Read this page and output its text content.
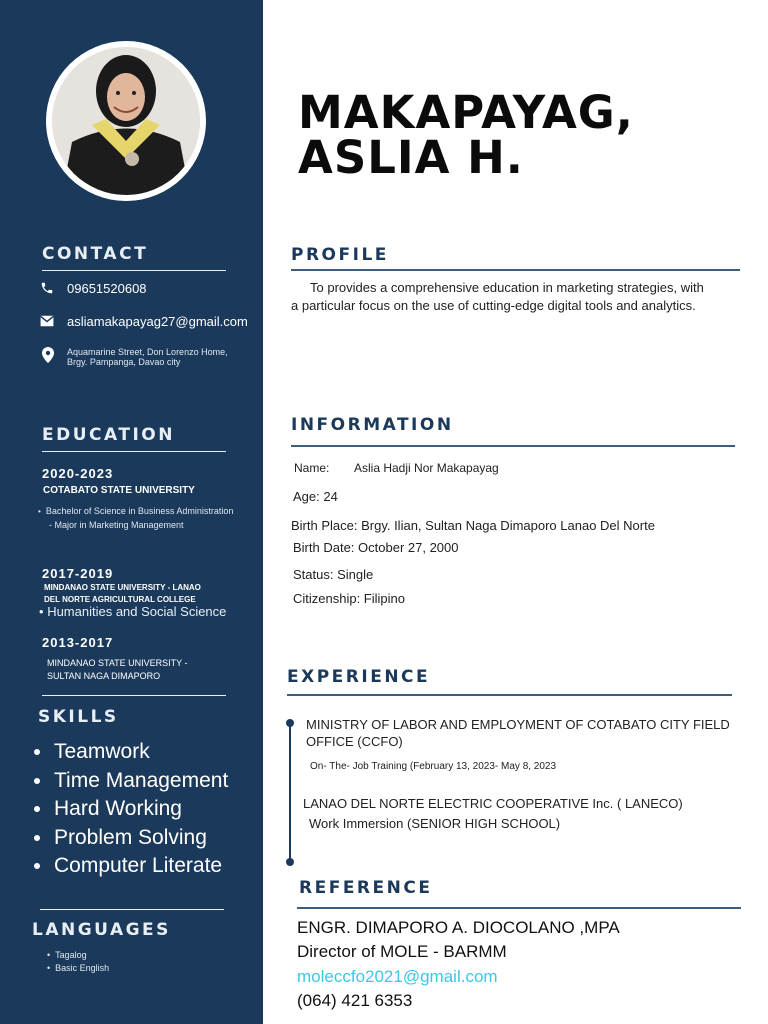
CONTACT
09651520608
asliamakapayag27@gmail.com
Aquamarine Street, Don Lorenzo Home,
Brgy. Pampanga, Davao city
EDUCATION
2020-2023
COTABATO STATE UNIVERSITY
• Bachelor of Science in Business Administration
- Major in Marketing Management
2017-2019
MINDANAO STATE UNIVERSITY - LANAO
DEL NORTE AGRICULTURAL COLLEGE
• Humanities and Social Science
2013-2017
MINDANAO STATE UNIVERSITY -
SULTAN NAGA DIMAPORO
SKILLS
Teamwork
Time Management
Hard Working
Problem Solving
Computer Literate
LANGUAGES
•  Tagalog
•  Basic English
MAKAPAYAG,
ASLIA H.
PROFILE
To provides a comprehensive education in marketing strategies, with
a particular focus on the use of cutting-edge digital tools and analytics.
INFORMATION
Name: Aslia Hadji Nor Makapayag
Age: 24
Birth Place: Brgy. Ilian, Sultan Naga Dimaporo Lanao Del Norte
Birth Date: October 27, 2000
Status: Single
Citizenship: Filipino
EXPERIENCE
MINISTRY OF LABOR AND EMPLOYMENT OF COTABATO CITY FIELD
OFFICE (CCFO)
On- The- Job Training (February 13, 2023- May 8, 2023
LANAO DEL NORTE ELECTRIC COOPERATIVE Inc. ( LANECO)
Work Immersion (SENIOR HIGH SCHOOL)
REFERENCE
ENGR. DIMAPORO A. DIOCOLANO ,MPA
Director of MOLE - BARMM
moleccfo2021@gmail.com
(064) 421 6353
